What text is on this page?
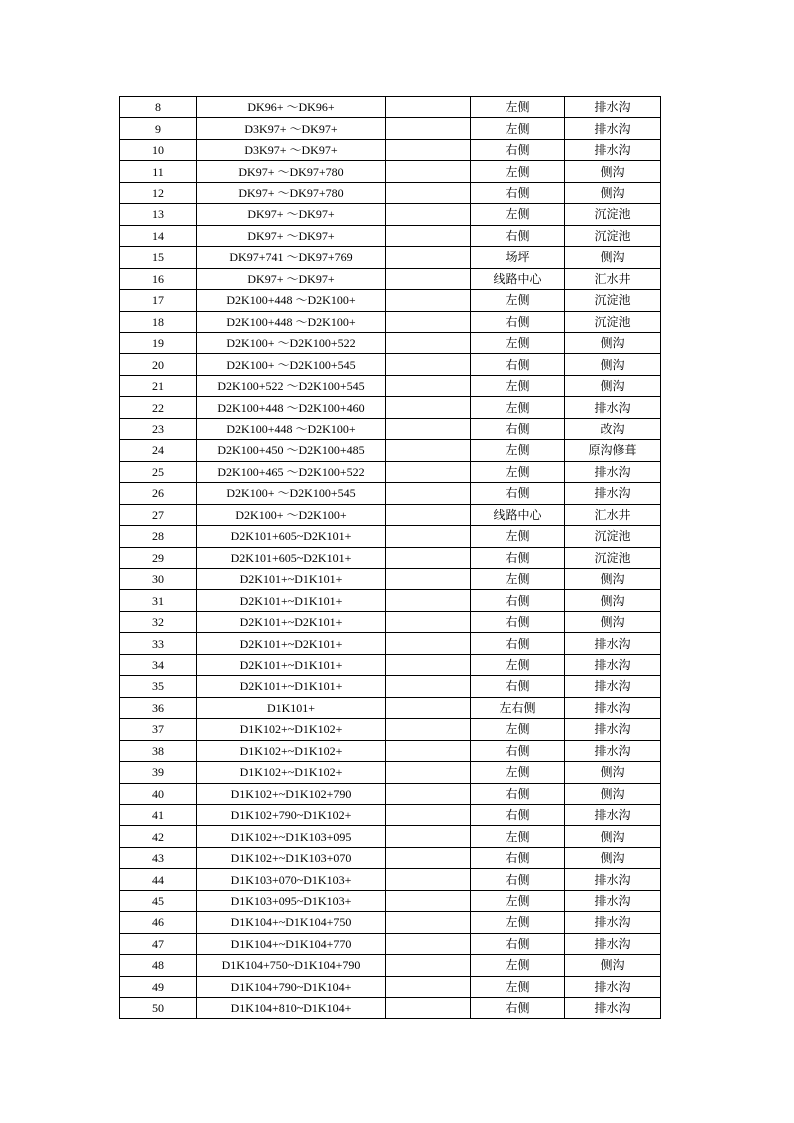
8	DK96+ ～DK96+		左侧	排水沟
9	D3K97+ ～DK97+		左侧	排水沟
10	D3K97+ ～DK97+		右侧	排水沟
11	DK97+ ～DK97+780		左侧	侧沟
12	DK97+ ～DK97+780		右侧	侧沟
13	DK97+ ～DK97+		左侧	沉淀池
14	DK97+ ～DK97+		右侧	沉淀池
15	DK97+741 ～DK97+769		场坪	侧沟
16	DK97+ ～DK97+		线路中心	汇水井
17	D2K100+448 ～D2K100+		左侧	沉淀池
18	D2K100+448 ～D2K100+		右侧	沉淀池
19	D2K100+ ～D2K100+522		左侧	侧沟
20	D2K100+ ～D2K100+545		右侧	侧沟
21	D2K100+522 ～D2K100+545		左侧	侧沟
22	D2K100+448 ～D2K100+460		左侧	排水沟
23	D2K100+448 ～D2K100+		右侧	改沟
24	D2K100+450 ～D2K100+485		左侧	原沟修葺
25	D2K100+465 ～D2K100+522		左侧	排水沟
26	D2K100+ ～D2K100+545		右侧	排水沟
27	D2K100+ ～D2K100+		线路中心	汇水井
28	D2K101+605~D2K101+		左侧	沉淀池
29	D2K101+605~D2K101+		右侧	沉淀池
30	D2K101+~D1K101+		左侧	侧沟
31	D2K101+~D1K101+		右侧	侧沟
32	D2K101+~D2K101+		右侧	侧沟
33	D2K101+~D2K101+		右侧	排水沟
34	D2K101+~D1K101+		左侧	排水沟
35	D2K101+~D1K101+		右侧	排水沟
36	D1K101+		左右侧	排水沟
37	D1K102+~D1K102+		左侧	排水沟
38	D1K102+~D1K102+		右侧	排水沟
39	D1K102+~D1K102+		左侧	侧沟
40	D1K102+~D1K102+790		右侧	侧沟
41	D1K102+790~D1K102+		右侧	排水沟
42	D1K102+~D1K103+095		左侧	侧沟
43	D1K102+~D1K103+070		右侧	侧沟
44	D1K103+070~D1K103+		右侧	排水沟
45	D1K103+095~D1K103+		左侧	排水沟
46	D1K104+~D1K104+750		左侧	排水沟
47	D1K104+~D1K104+770		右侧	排水沟
48	D1K104+750~D1K104+790		左侧	侧沟
49	D1K104+790~D1K104+		左侧	排水沟
50	D1K104+810~D1K104+		右侧	排水沟
